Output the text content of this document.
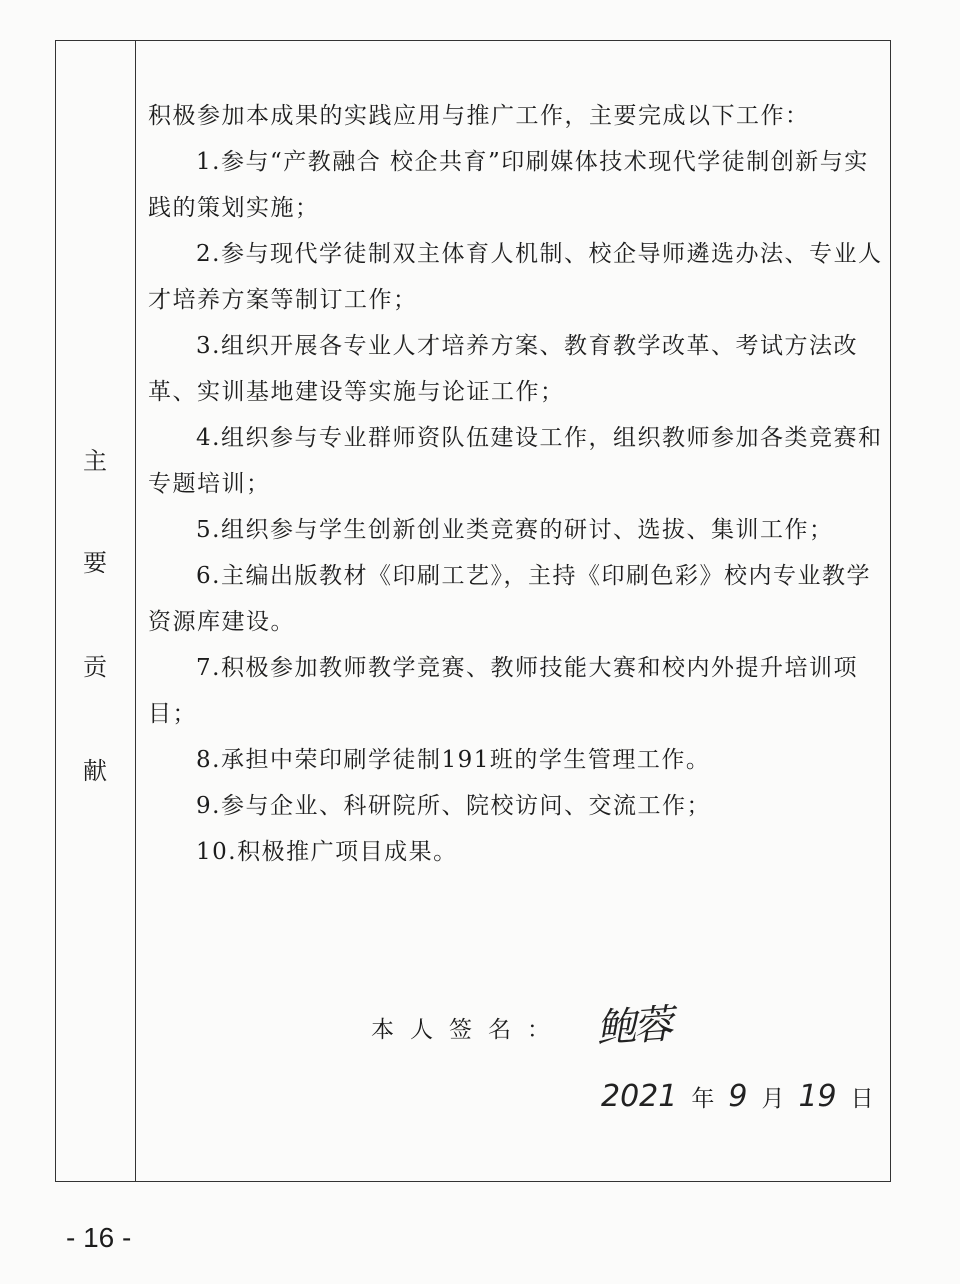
主
要
贡
献

积极参加本成果的实践应用与推广工作，主要完成以下工作：

1.参与“产教融合 校企共育”印刷媒体技术现代学徒制创新与实践的策划实施；

2.参与现代学徒制双主体育人机制、校企导师遴选办法、专业人才培养方案等制订工作；

3.组织开展各专业人才培养方案、教育教学改革、考试方法改革、实训基地建设等实施与论证工作；

4.组织参与专业群师资队伍建设工作，组织教师参加各类竞赛和专题培训；

5.组织参与学生创新创业类竞赛的研讨、选拔、集训工作；

6.主编出版教材《印刷工艺》，主持《印刷色彩》校内专业教学资源库建设。

7.积极参加教师教学竞赛、教师技能大赛和校内外提升培训项目；

8.承担中荣印刷学徒制191班的学生管理工作。

9.参与企业、科研院所、院校访问、交流工作；

10.积极推广项目成果。

本人签名： 鲍蓉
2021 年 9 月 19 日
- 16 -
